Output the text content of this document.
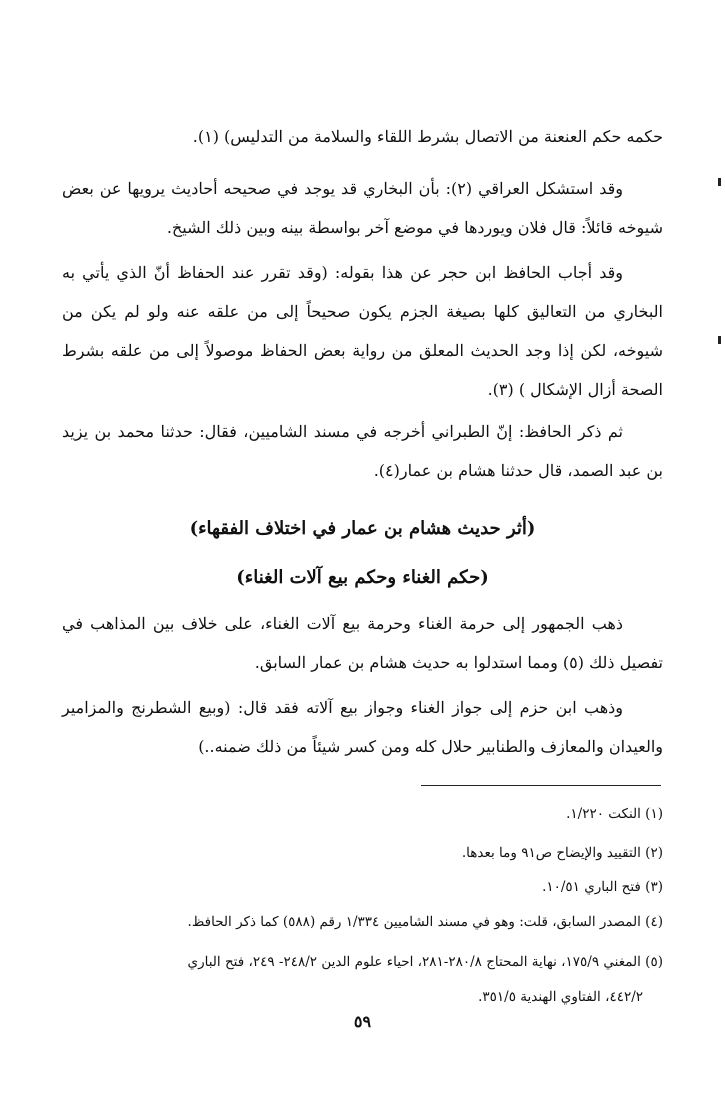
حكمه حكم العنعنة من الاتصال بشرط اللقاء والسلامة من التدليس) (١).
وقد استشكل العراقي (٢): بأن البخاري قد يوجد في صحيحه أحاديث يرويها عن بعض شيوخه قائلاً: قال فلان ويوردها في موضع آخر بواسطة بينه وبين ذلك الشيخ.
وقد أجاب الحافظ ابن حجر عن هذا بقوله: (وقد تقرر عند الحفاظ أنّ الذي يأتي به البخاري من التعاليق كلها بصيغة الجزم يكون صحيحاً إلى من علقه عنه ولو لم يكن من شيوخه، لكن إذا وجد الحديث المعلق من رواية بعض الحفاظ موصولاً إلى من علقه بشرط الصحة أزال الإشكال ) (٣).
ثم ذكر الحافظ: إنّ الطبراني أخرجه في مسند الشاميين، فقال: حدثنا محمد بن يزيد بن عبد الصمد، قال حدثنا هشام بن عمار(٤).
(أثر حديث هشام بن عمار في اختلاف الفقهاء)
(حكم الغناء وحكم بيع آلات الغناء)
ذهب الجمهور إلى حرمة الغناء وحرمة بيع آلات الغناء، على خلاف بين المذاهب في تفصيل ذلك (٥) ومما استدلوا به حديث هشام بن عمار السابق.
وذهب ابن حزم إلى جواز الغناء وجواز بيع آلاته فقد قال: (وبيع الشطرنج والمزامير والعيدان والمعازف والطنابير حلال كله ومن كسر شيئاً من ذلك ضمنه..)
(١) النكت ١/٢٢٠.
(٢) التقييد والإيضاح ص٩١ وما بعدها.
(٣) فتح الباري ١٠/٥١.
(٤) المصدر السابق، قلت: وهو في مسند الشاميين ١/٣٣٤ رقم (٥٨٨) كما ذكر الحافظ.
(٥) المغني ١٧٥/٩، نهاية المحتاج ٢٨٠/٨-٢٨١، احياء علوم الدين ٢٤٨/٢- ٢٤٩، فتح الباري
٤٤٢/٢، الفتاوي الهندية ٣٥١/٥.
٥٩
